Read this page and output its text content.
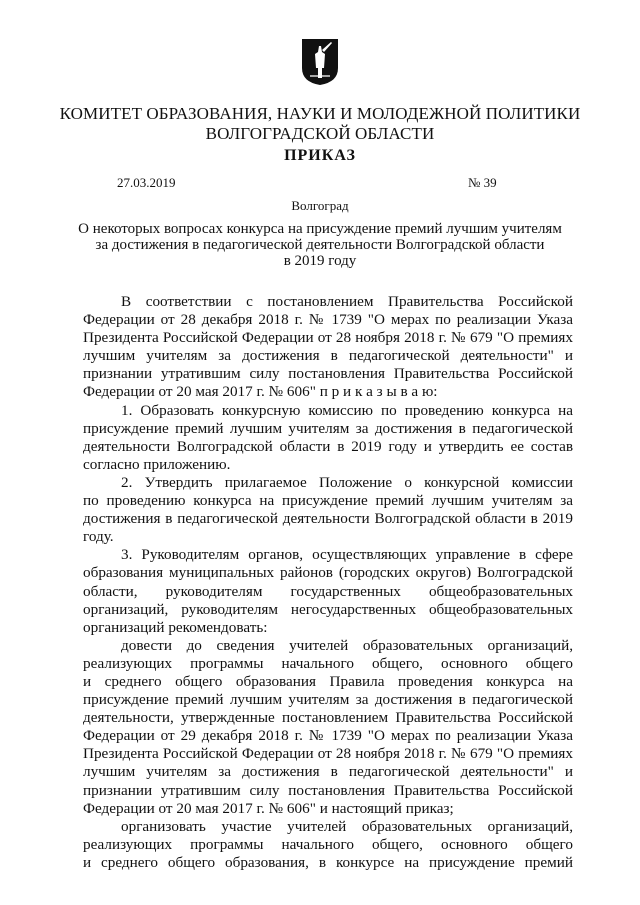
КОМИТЕТ ОБРАЗОВАНИЯ, НАУКИ И МОЛОДЕЖНОЙ ПОЛИТИКИ
ВОЛГОГРАДСКОЙ ОБЛАСТИ
ПРИКАЗ
27.03.2019	№ 39
Волгоград
О некоторых вопросах конкурса на присуждение премий лучшим учителям
за достижения в педагогической деятельности Волгоградской области
в 2019 году
В соответствии с постановлением Правительства Российской
Федерации от 28 декабря 2018 г. № 1739 "О мерах по реализации Указа
Президента Российской Федерации от 28 ноября 2018 г. № 679 "О премиях
лучшим учителям за достижения в педагогической деятельности" и
признании утратившим силу постановления Правительства Российской
Федерации от 20 мая 2017 г. № 606" п р и к а з ы в а ю:
1. Образовать конкурсную комиссию по проведению конкурса на
присуждение премий лучшим учителям за достижения в педагогической
деятельности Волгоградской области в 2019 году и утвердить ее состав
согласно приложению.
2. Утвердить прилагаемое Положение о конкурсной комиссии
по проведению конкурса на присуждение премий лучшим учителям за
достижения в педагогической деятельности Волгоградской области в 2019
году.
3. Руководителям органов, осуществляющих управление в сфере
образования муниципальных районов (городских округов) Волгоградской
области, руководителям государственных общеобразовательных
организаций, руководителям негосударственных общеобразовательных
организаций рекомендовать:
довести до сведения учителей образовательных организаций,
реализующих программы начального общего, основного общего
и среднего общего образования Правила проведения конкурса на
присуждение премий лучшим учителям за достижения в педагогической
деятельности, утвержденные постановлением Правительства Российской
Федерации от 29 декабря 2018 г. № 1739 "О мерах по реализации Указа
Президента Российской Федерации от 28 ноября 2018 г. № 679 "О премиях
лучшим учителям за достижения в педагогической деятельности" и
признании утратившим силу постановления Правительства Российской
Федерации от 20 мая 2017 г. № 606" и настоящий приказ;
организовать участие учителей образовательных организаций,
реализующих программы начального общего, основного общего
и среднего общего образования, в конкурсе на присуждение премий
